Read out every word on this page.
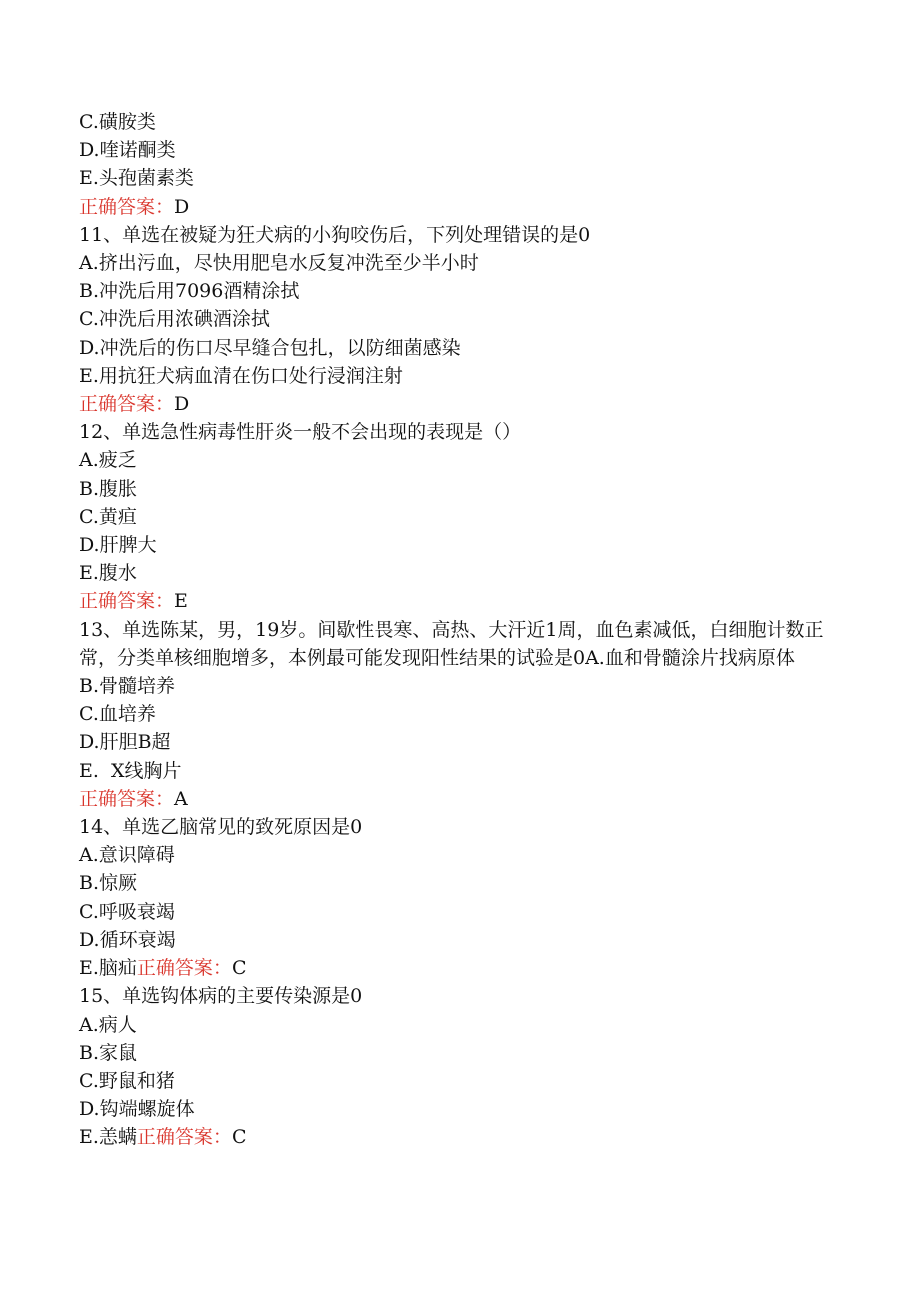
C.磺胺类

D.喹诺酮类

E.头孢菌素类

正确答案：D

11、单选在被疑为狂犬病的小狗咬伤后，下列处理错误的是0

A.挤出污血，尽快用肥皂水反复冲洗至少半小时

B.冲洗后用7096酒精涂拭

C.冲洗后用浓碘酒涂拭

D.冲洗后的伤口尽早缝合包扎，以防细菌感染

E.用抗狂犬病血清在伤口处行浸润注射

正确答案：D

12、单选急性病毒性肝炎一般不会出现的表现是（）

A.疲乏

B.腹胀

C.黄疸

D.肝脾大

E.腹水

正确答案：E

13、单选陈某，男，19岁。间歇性畏寒、高热、大汗近1周，血色素减低，白细胞计数正常，分类单核细胞增多，本例最可能发现阳性结果的试验是0A.血和骨髓涂片找病原体

B.骨髓培养

C.血培养

D.肝胆B超

E.  X线胸片

正确答案：A

14、单选乙脑常见的致死原因是0

A.意识障碍

B.惊厥

C.呼吸衰竭

D.循环衰竭

E.脑疝正确答案：C

15、单选钩体病的主要传染源是0

A.病人

B.家鼠

C.野鼠和猪

D.钩端螺旋体

E.恙螨正确答案：C
